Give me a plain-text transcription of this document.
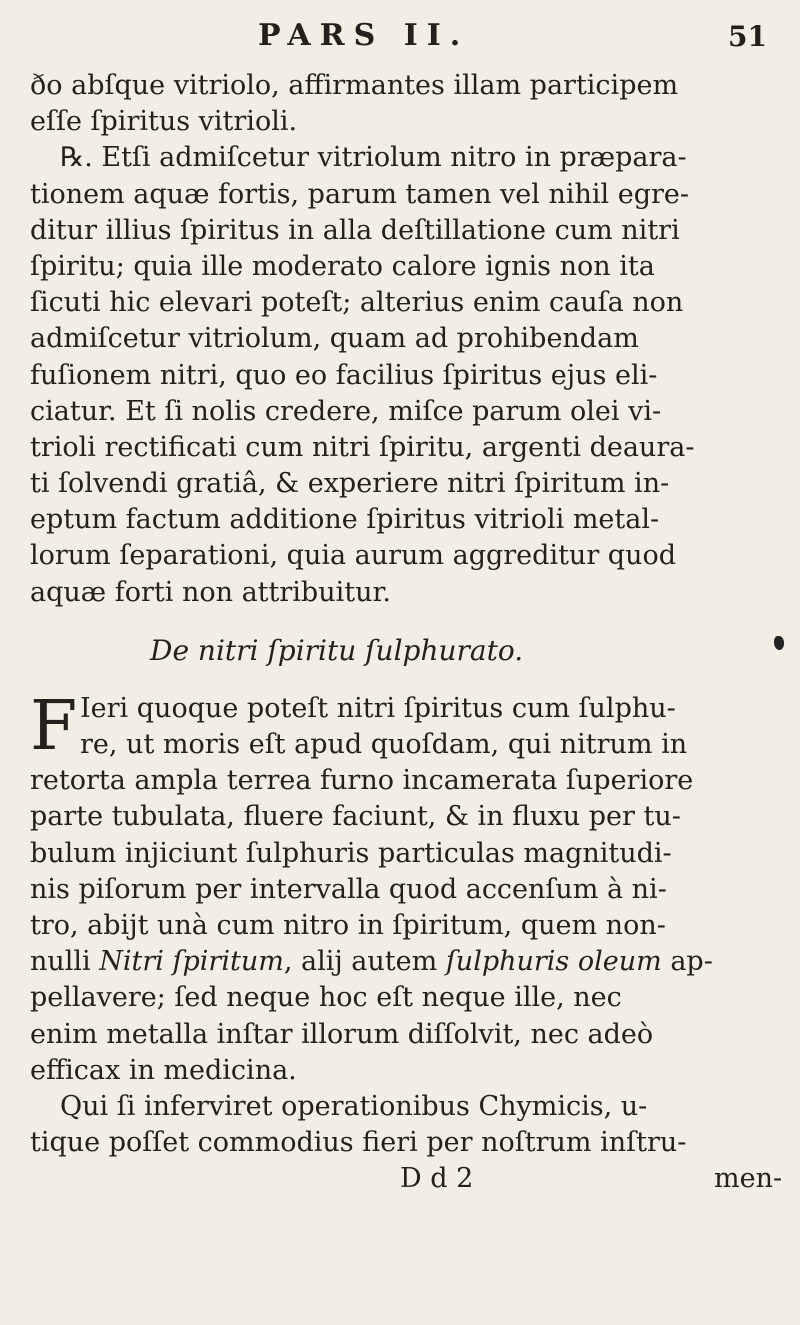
PARS II.	51
ðo abſque vitriolo, affirmantes illam participem
eſſe ſpiritus vitrioli.
℞. Etſi admiſcetur vitriolum nitro in præpara-
tionem aquæ fortis, parum tamen vel nihil egre-
ditur illius ſpiritus in alla deſtillatione cum nitri
ſpiritu; quia ille moderato calore ignis non ita
ſicuti hic elevari poteſt; alterius enim cauſa non
admiſcetur vitriolum, quam ad prohibendam
fuſionem nitri, quo eo facilius ſpiritus ejus eli-
ciatur. Et ſi nolis credere, miſce parum olei vi-
trioli rectificati cum nitri ſpiritu, argenti deaura-
ti ſolvendi gratiâ, & experiere nitri ſpiritum in-
eptum factum additione ſpiritus vitrioli metal-
lorum ſeparationi, quia aurum aggreditur quod
aquæ forti non attribuitur.
De nitri ſpiritu ſulphurato.
F Ieri quoque poteſt nitri ſpiritus cum ſulphu-
re, ut moris eſt apud quoſdam, qui nitrum in
retorta ampla terrea furno incamerata ſuperiore
parte tubulata, fluere faciunt, & in fluxu per tu-
bulum injiciunt ſulphuris particulas magnitudi-
nis piſorum per intervalla quod accenſum à ni-
tro, abijt unà cum nitro in ſpiritum, quem non-
nulli Nitri ſpiritum, alij autem ſulphuris oleum ap-
pellavere; ſed neque hoc eſt neque ille, nec
enim metalla inſtar illorum diſſolvit, nec adeò
efficax in medicina.
Qui ſi inferviret operationibus Chymicis, u-
tique poſſet commodius fieri per noſtrum inſtru-
D d 2	men-
